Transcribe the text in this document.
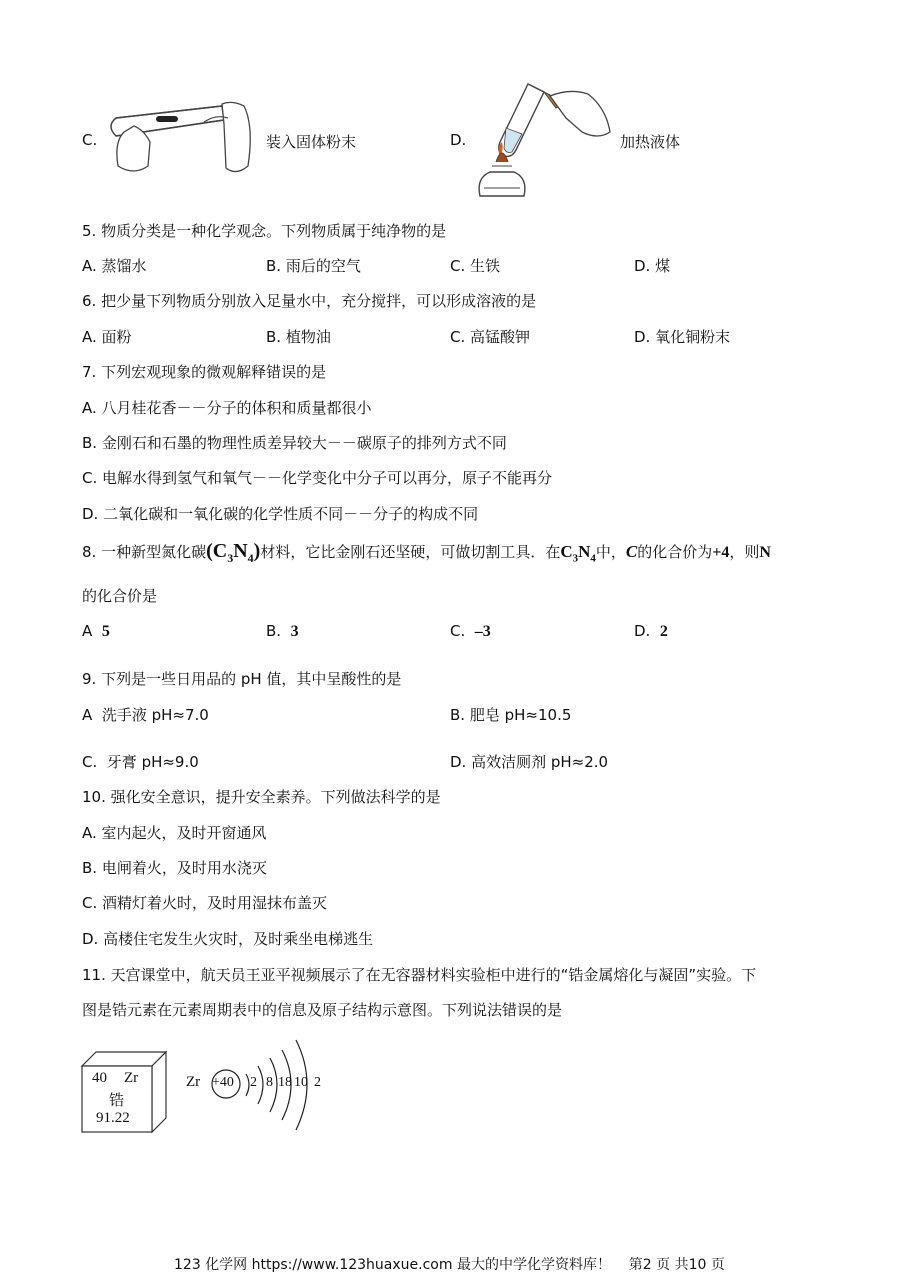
C.	装入固体粉末	D.	加热液体
5. 物质分类是一种化学观念。下列物质属于纯净物的是
A. 蒸馏水	B. 雨后的空气	C. 生铁	D. 煤
6. 把少量下列物质分别放入足量水中，充分搅拌，可以形成溶液的是
A. 面粉	B. 植物油	C. 高锰酸钾	D. 氧化铜粉末
7. 下列宏观现象的微观解释错误的是
A. 八月桂花香－－分子的体积和质量都很小
B. 金刚石和石墨的物理性质差异较大－－碳原子的排列方式不同
C. 电解水得到氢气和氧气－－化学变化中分子可以再分，原子不能再分
D. 二氧化碳和一氧化碳的化学性质不同－－分子的构成不同
8. 一种新型氮化碳$(C_3N_4)$材料，它比金刚石还坚硬，可做切割工具．在$C_3N_4$中，C的化合价为+4，则N
的化合价是
A 5	B. 3	C. –3	D. 2
9. 下列是一些日用品的 pH 值，其中呈酸性的是
A 洗手液 pH≈7.0	B. 肥皂 pH≈10.5
C. 牙膏 pH≈9.0	D. 高效洁厕剂 pH≈2.0
10. 强化安全意识，提升安全素养。下列做法科学的是
A. 室内起火，及时开窗通风
B. 电闸着火，及时用水浇灭
C. 酒精灯着火时，及时用湿抹布盖灭
D. 高楼住宅发生火灾时，及时乘坐电梯逃生
11. 天宫课堂中，航天员王亚平视频展示了在无容器材料实验柜中进行的“锆金属熔化与凝固”实验。下
图是锆元素在元素周期表中的信息及原子结构示意图。下列说法错误的是
40 Zr
锆
91.22
Zr +40 2 8 18 10 2
123 化学网 https://www.123huaxue.com 最大的中学化学资料库！ 第2 页 共10 页
